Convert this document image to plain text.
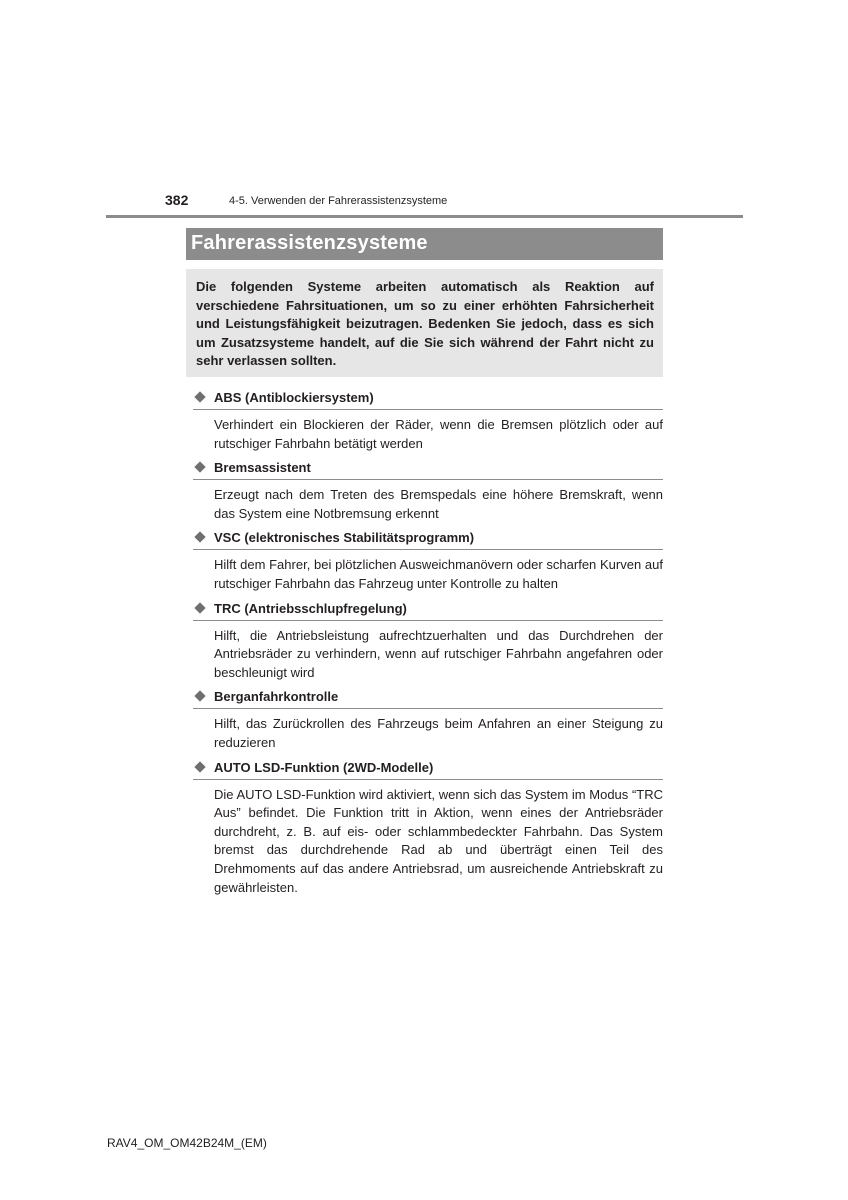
382	4-5. Verwenden der Fahrerassistenzsysteme
Fahrerassistenzsysteme
Die folgenden Systeme arbeiten automatisch als Reaktion auf verschiedene Fahrsituationen, um so zu einer erhöhten Fahrsicherheit und Leistungsfähigkeit beizutragen. Bedenken Sie jedoch, dass es sich um Zusatzsysteme handelt, auf die Sie sich während der Fahrt nicht zu sehr verlassen sollten.
ABS (Antiblockiersystem)
Verhindert ein Blockieren der Räder, wenn die Bremsen plötzlich oder auf rutschiger Fahrbahn betätigt werden
Bremsassistent
Erzeugt nach dem Treten des Bremspedals eine höhere Bremskraft, wenn das System eine Notbremsung erkennt
VSC (elektronisches Stabilitätsprogramm)
Hilft dem Fahrer, bei plötzlichen Ausweichmanövern oder scharfen Kurven auf rutschiger Fahrbahn das Fahrzeug unter Kontrolle zu halten
TRC (Antriebsschlupfregelung)
Hilft, die Antriebsleistung aufrechtzuerhalten und das Durchdrehen der Antriebsräder zu verhindern, wenn auf rutschiger Fahrbahn angefahren oder beschleunigt wird
Berganfahrkontrolle
Hilft, das Zurückrollen des Fahrzeugs beim Anfahren an einer Steigung zu reduzieren
AUTO LSD-Funktion (2WD-Modelle)
Die AUTO LSD-Funktion wird aktiviert, wenn sich das System im Modus “TRC Aus” befindet. Die Funktion tritt in Aktion, wenn eines der Antriebsräder durchdreht, z. B. auf eis- oder schlammbedeckter Fahrbahn. Das System bremst das durchdrehende Rad ab und überträgt einen Teil des Drehmoments auf das andere Antriebsrad, um ausreichende Antriebskraft zu gewährleisten.
RAV4_OM_OM42B24M_(EM)
